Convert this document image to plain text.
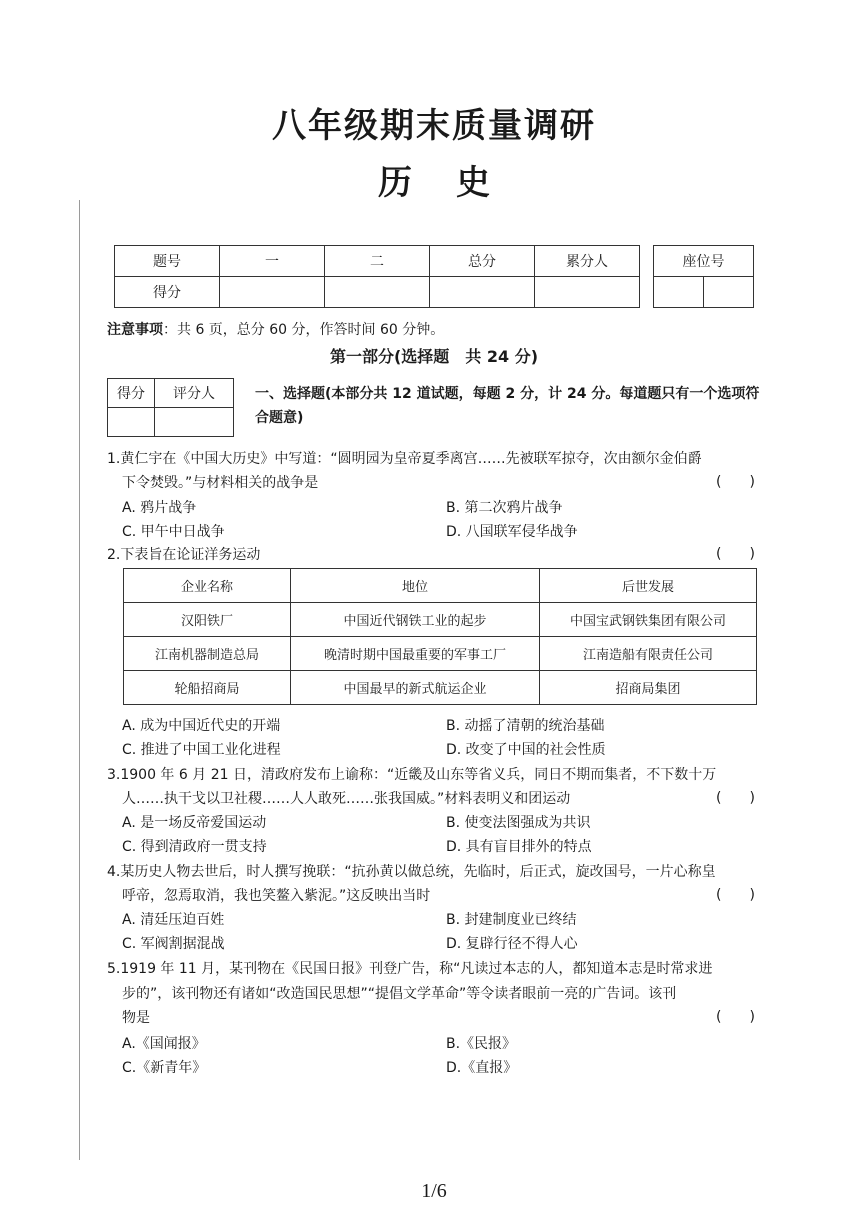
八年级期末质量调研
历史
题号	一	二	总分	累分人
得分				
座位号

注意事项：共 6 页，总分 60 分，作答时间 60 分钟。
第一部分(选择题　共 24 分)
得分	评分人
		一、选择题(本部分共 12 道试题，每题 2 分，计 24 分。每道题只有一个选项符合题意)
1.黄仁宇在《中国大历史》中写道：“圆明园为皇帝夏季离宫……先被联军掠夺，次由额尔金伯爵
下令焚毁。”与材料相关的战争是	(　　)
A. 鸦片战争	B. 第二次鸦片战争
C. 甲午中日战争	D. 八国联军侵华战争
2.下表旨在论证洋务运动	(　　)
企业名称	地位	后世发展
汉阳铁厂	中国近代钢铁工业的起步	中国宝武钢铁集团有限公司
江南机器制造总局	晚清时期中国最重要的军事工厂	江南造船有限责任公司
轮船招商局	中国最早的新式航运企业	招商局集团
A. 成为中国近代史的开端	B. 动摇了清朝的统治基础
C. 推进了中国工业化进程	D. 改变了中国的社会性质
3.1900 年 6 月 21 日，清政府发布上谕称：“近畿及山东等省义兵，同日不期而集者，不下数十万
人……执干戈以卫社稷……人人敢死……张我国威。”材料表明义和团运动	(　　)
A. 是一场反帝爱国运动	B. 使变法图强成为共识
C. 得到清政府一贯支持	D. 具有盲目排外的特点
4.某历史人物去世后，时人撰写挽联：“抗孙黄以做总统，先临时，后正式，旋改国号，一片心称皇
呼帝，忽焉取消，我也笑鳌入紫泥。”这反映出当时	(　　)
A. 清廷压迫百姓	B. 封建制度业已终结
C. 军阀割据混战	D. 复辟行径不得人心
5.1919 年 11 月，某刊物在《民国日报》刊登广告，称“凡读过本志的人，都知道本志是时常求进
步的”，该刊物还有诸如“改造国民思想”“提倡文学革命”等令读者眼前一亮的广告词。该刊
物是	(　　)
A.《国闻报》	B.《民报》
C.《新青年》	D.《直报》
1/6
